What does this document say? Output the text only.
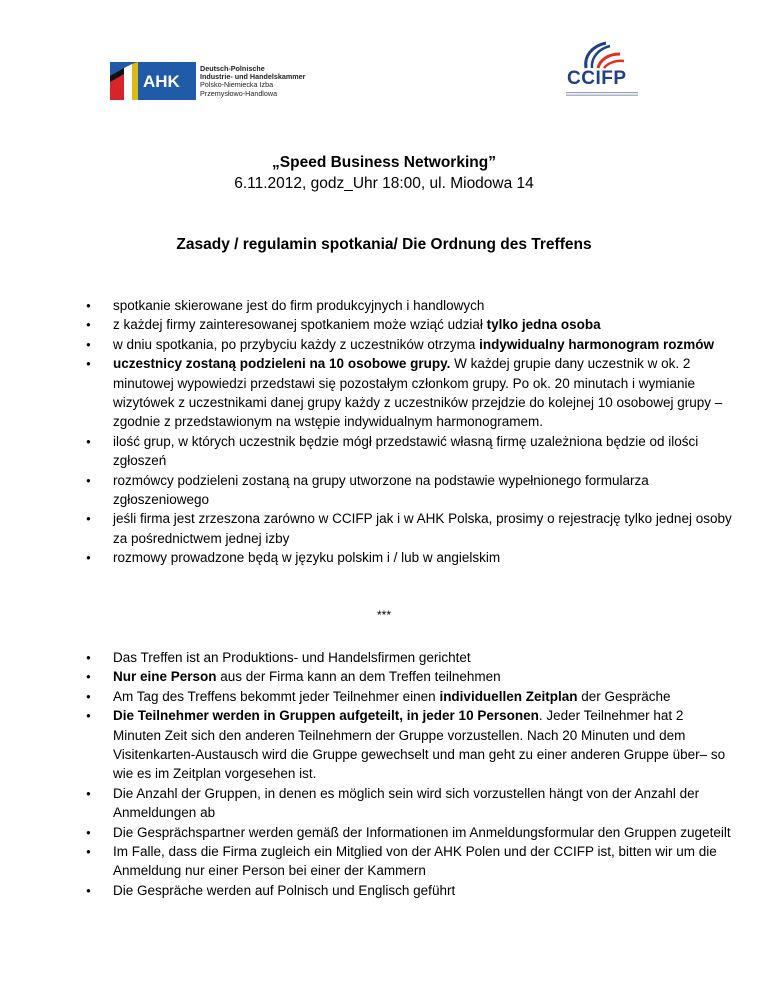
AHK
Deutsch-Polnische
Industrie- und Handelskammer
Polsko-Niemiecka Izba
Przemysłowo-Handlowa
CCIFP
„Speed Business Networking”
6.11.2012, godz_Uhr 18:00, ul. Miodowa 14
Zasady / regulamin spotkania/ Die Ordnung des Treffens
● spotkanie skierowane jest do firm produkcyjnych i handlowych
● z każdej firmy zainteresowanej spotkaniem może wziąć udział tylko jedna osoba
● w dniu spotkania, po przybyciu każdy z uczestników otrzyma indywidualny harmonogram rozmów
● uczestnicy zostaną podzieleni na 10 osobowe grupy. W każdej grupie dany uczestnik w ok. 2 minutowej wypowiedzi przedstawi się pozostałym członkom grupy. Po ok. 20 minutach i wymianie wizytówek z uczestnikami danej grupy każdy z uczestników przejdzie do kolejnej 10 osobowej grupy – zgodnie z przedstawionym na wstępie indywidualnym harmonogramem.
● ilość grup, w których uczestnik będzie mógł przedstawić własną firmę uzależniona będzie od ilości zgłoszeń
● rozmówcy podzieleni zostaną na grupy utworzone na podstawie wypełnionego formularza zgłoszeniowego
● jeśli firma jest zrzeszona zarówno w CCIFP jak i w AHK Polska, prosimy o rejestrację tylko jednej osoby za pośrednictwem jednej izby
● rozmowy prowadzone będą w języku polskim i / lub w angielskim
***
● Das Treffen ist an Produktions- und Handelsfirmen gerichtet
● Nur eine Person aus der Firma kann an dem Treffen teilnehmen
● Am Tag des Treffens bekommt jeder Teilnehmer einen individuellen Zeitplan der Gespräche
● Die Teilnehmer werden in Gruppen aufgeteilt, in jeder 10 Personen. Jeder Teilnehmer hat 2 Minuten Zeit sich den anderen Teilnehmern der Gruppe vorzustellen. Nach 20 Minuten und dem Visitenkarten-Austausch wird die Gruppe gewechselt und man geht zu einer anderen Gruppe über– so wie es im Zeitplan vorgesehen ist.
● Die Anzahl der Gruppen, in denen es möglich sein wird sich vorzustellen hängt von der Anzahl der Anmeldungen ab
● Die Gesprächspartner werden gemäß der Informationen im Anmeldungsformular den Gruppen zugeteilt
● Im Falle, dass die Firma zugleich ein Mitglied von der AHK Polen und der CCIFP ist, bitten wir um die Anmeldung nur einer Person bei einer der Kammern
● Die Gespräche werden auf Polnisch und Englisch geführt
